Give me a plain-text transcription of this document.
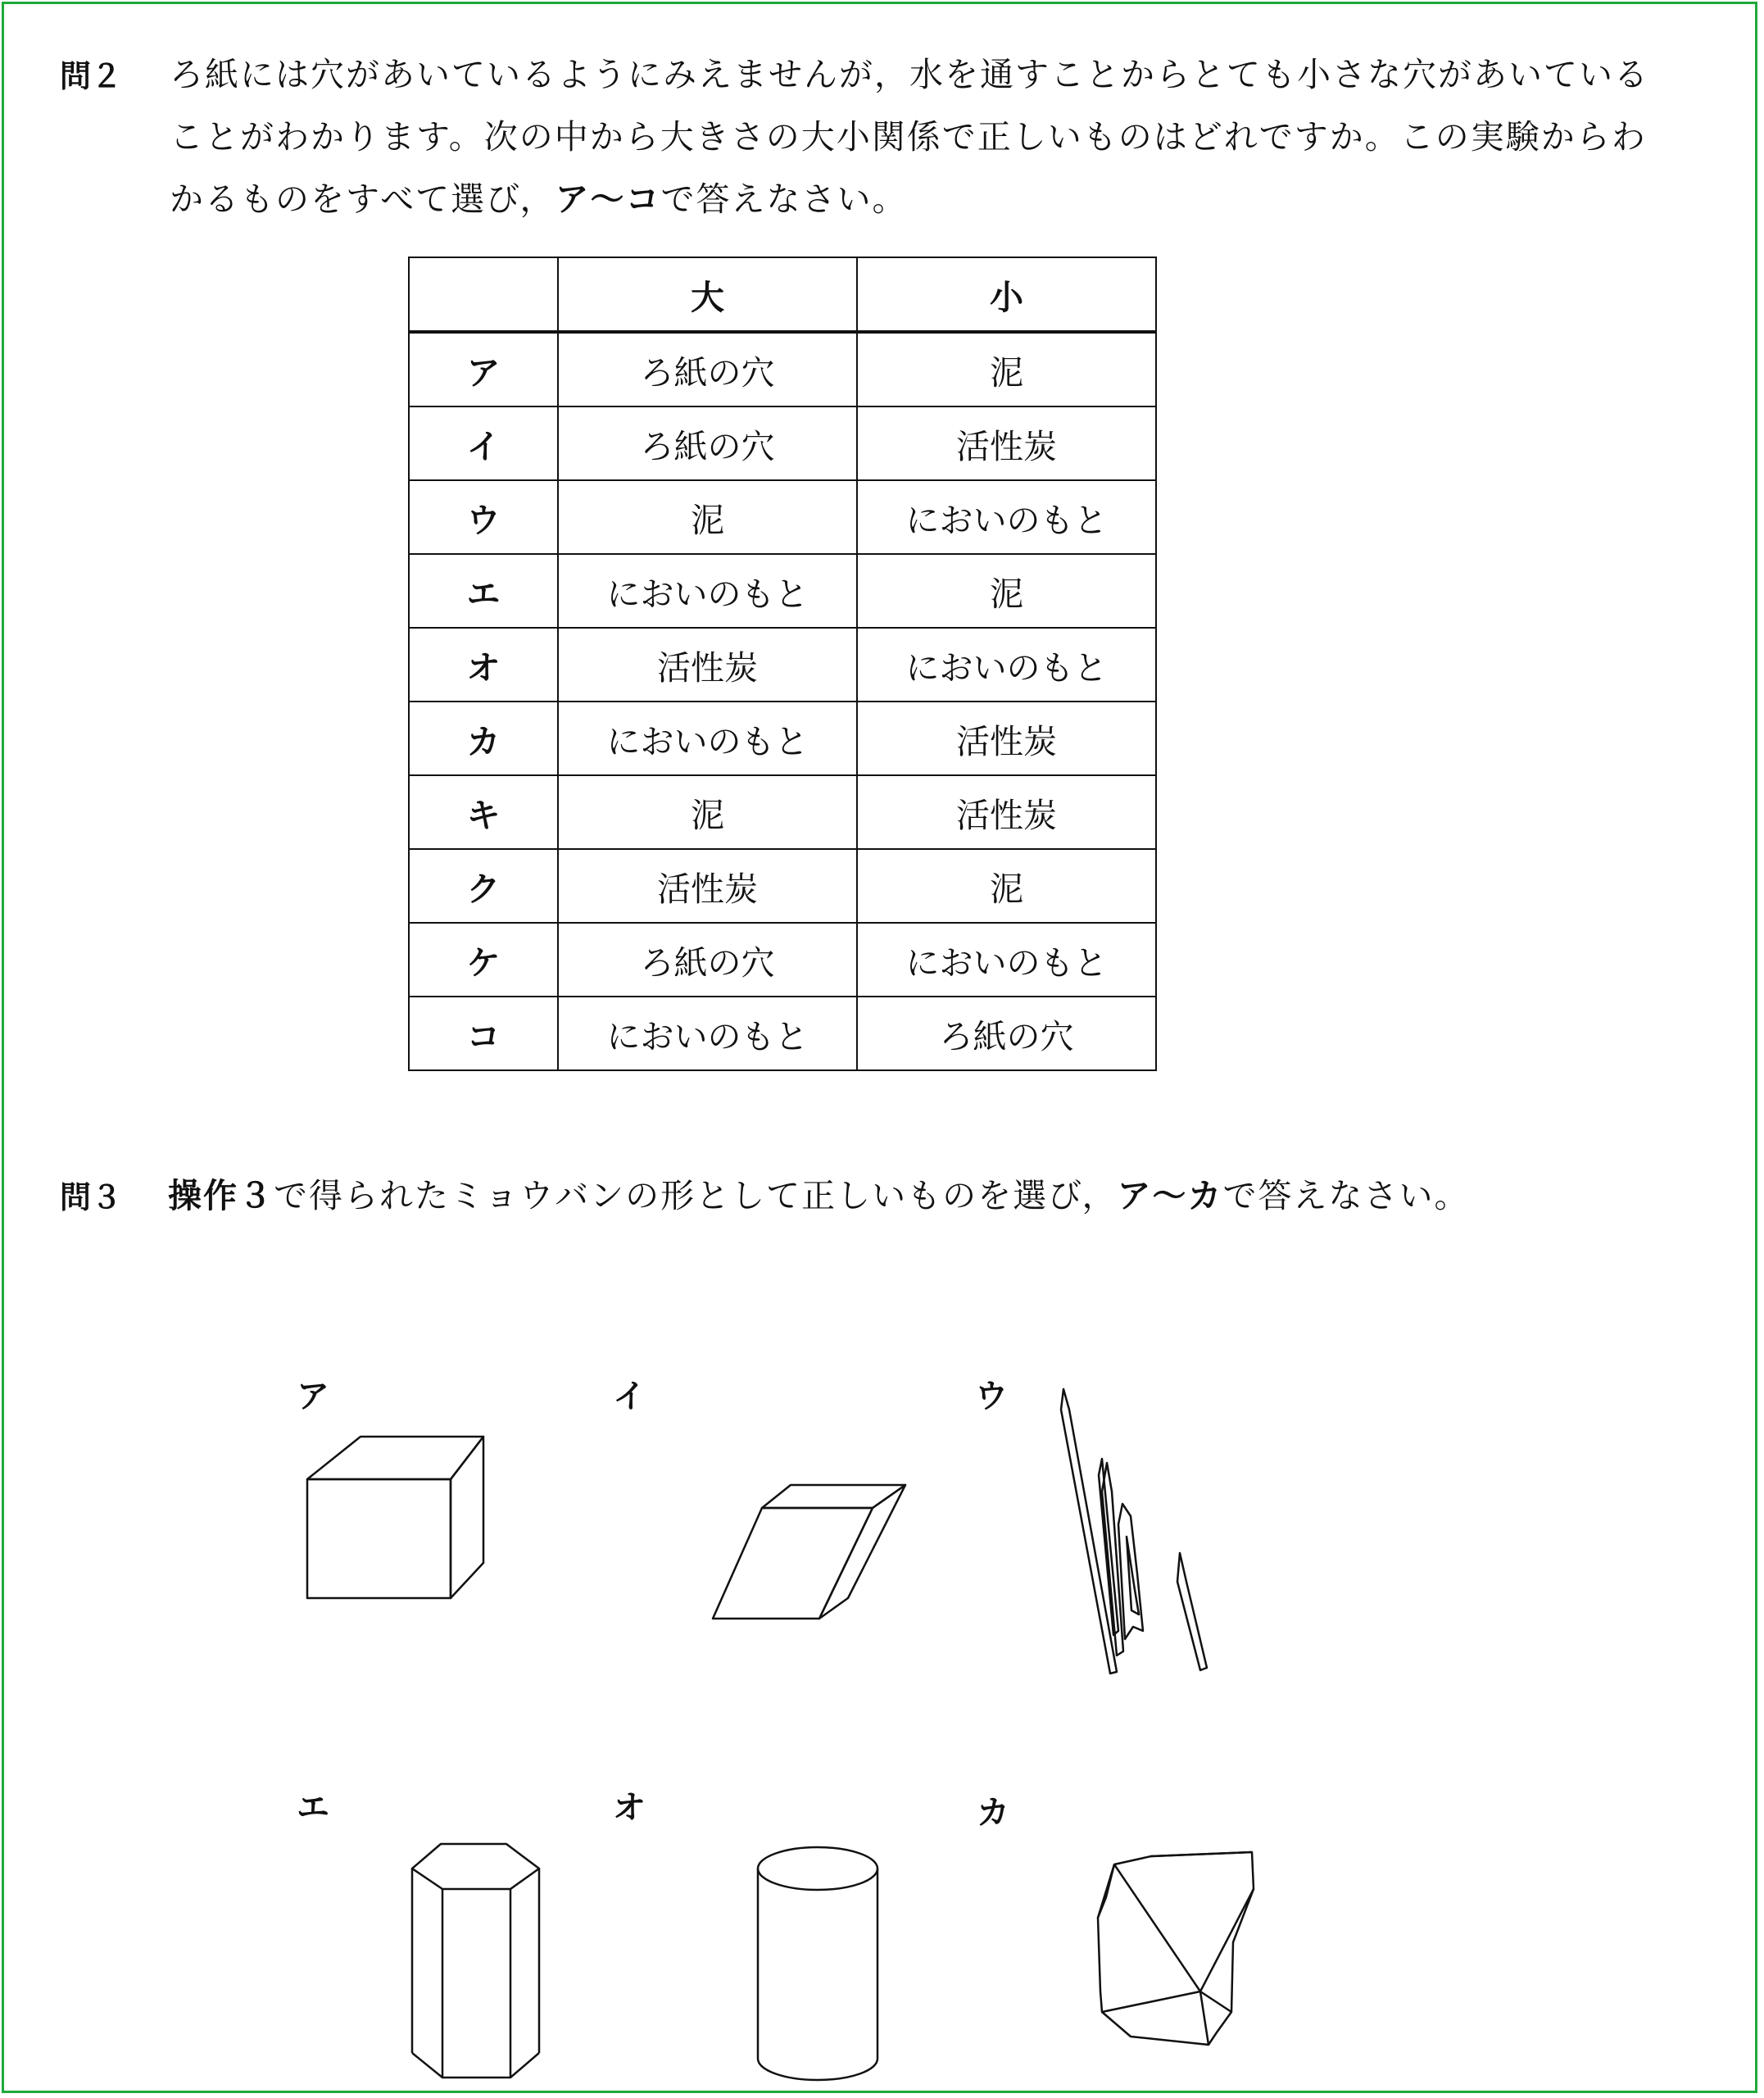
問２ ろ紙には穴があいているようにみえませんが，水を通すことからとても小さな穴があいている
ことがわかります。次の中から大きさの大小関係で正しいものはどれですか。この実験からわ
かるものをすべて選び，ア～コで答えなさい。
	大	小
ア	ろ紙の穴	泥
イ	ろ紙の穴	活性炭
ウ	泥	においのもと
エ	においのもと	泥
オ	活性炭	においのもと
カ	においのもと	活性炭
キ	泥	活性炭
ク	活性炭	泥
ケ	ろ紙の穴	においのもと
コ	においのもと	ろ紙の穴
問３ 操作３で得られたミョウバンの形として正しいものを選び，ア～カで答えなさい。
ア	イ	ウ
エ	オ	カ
